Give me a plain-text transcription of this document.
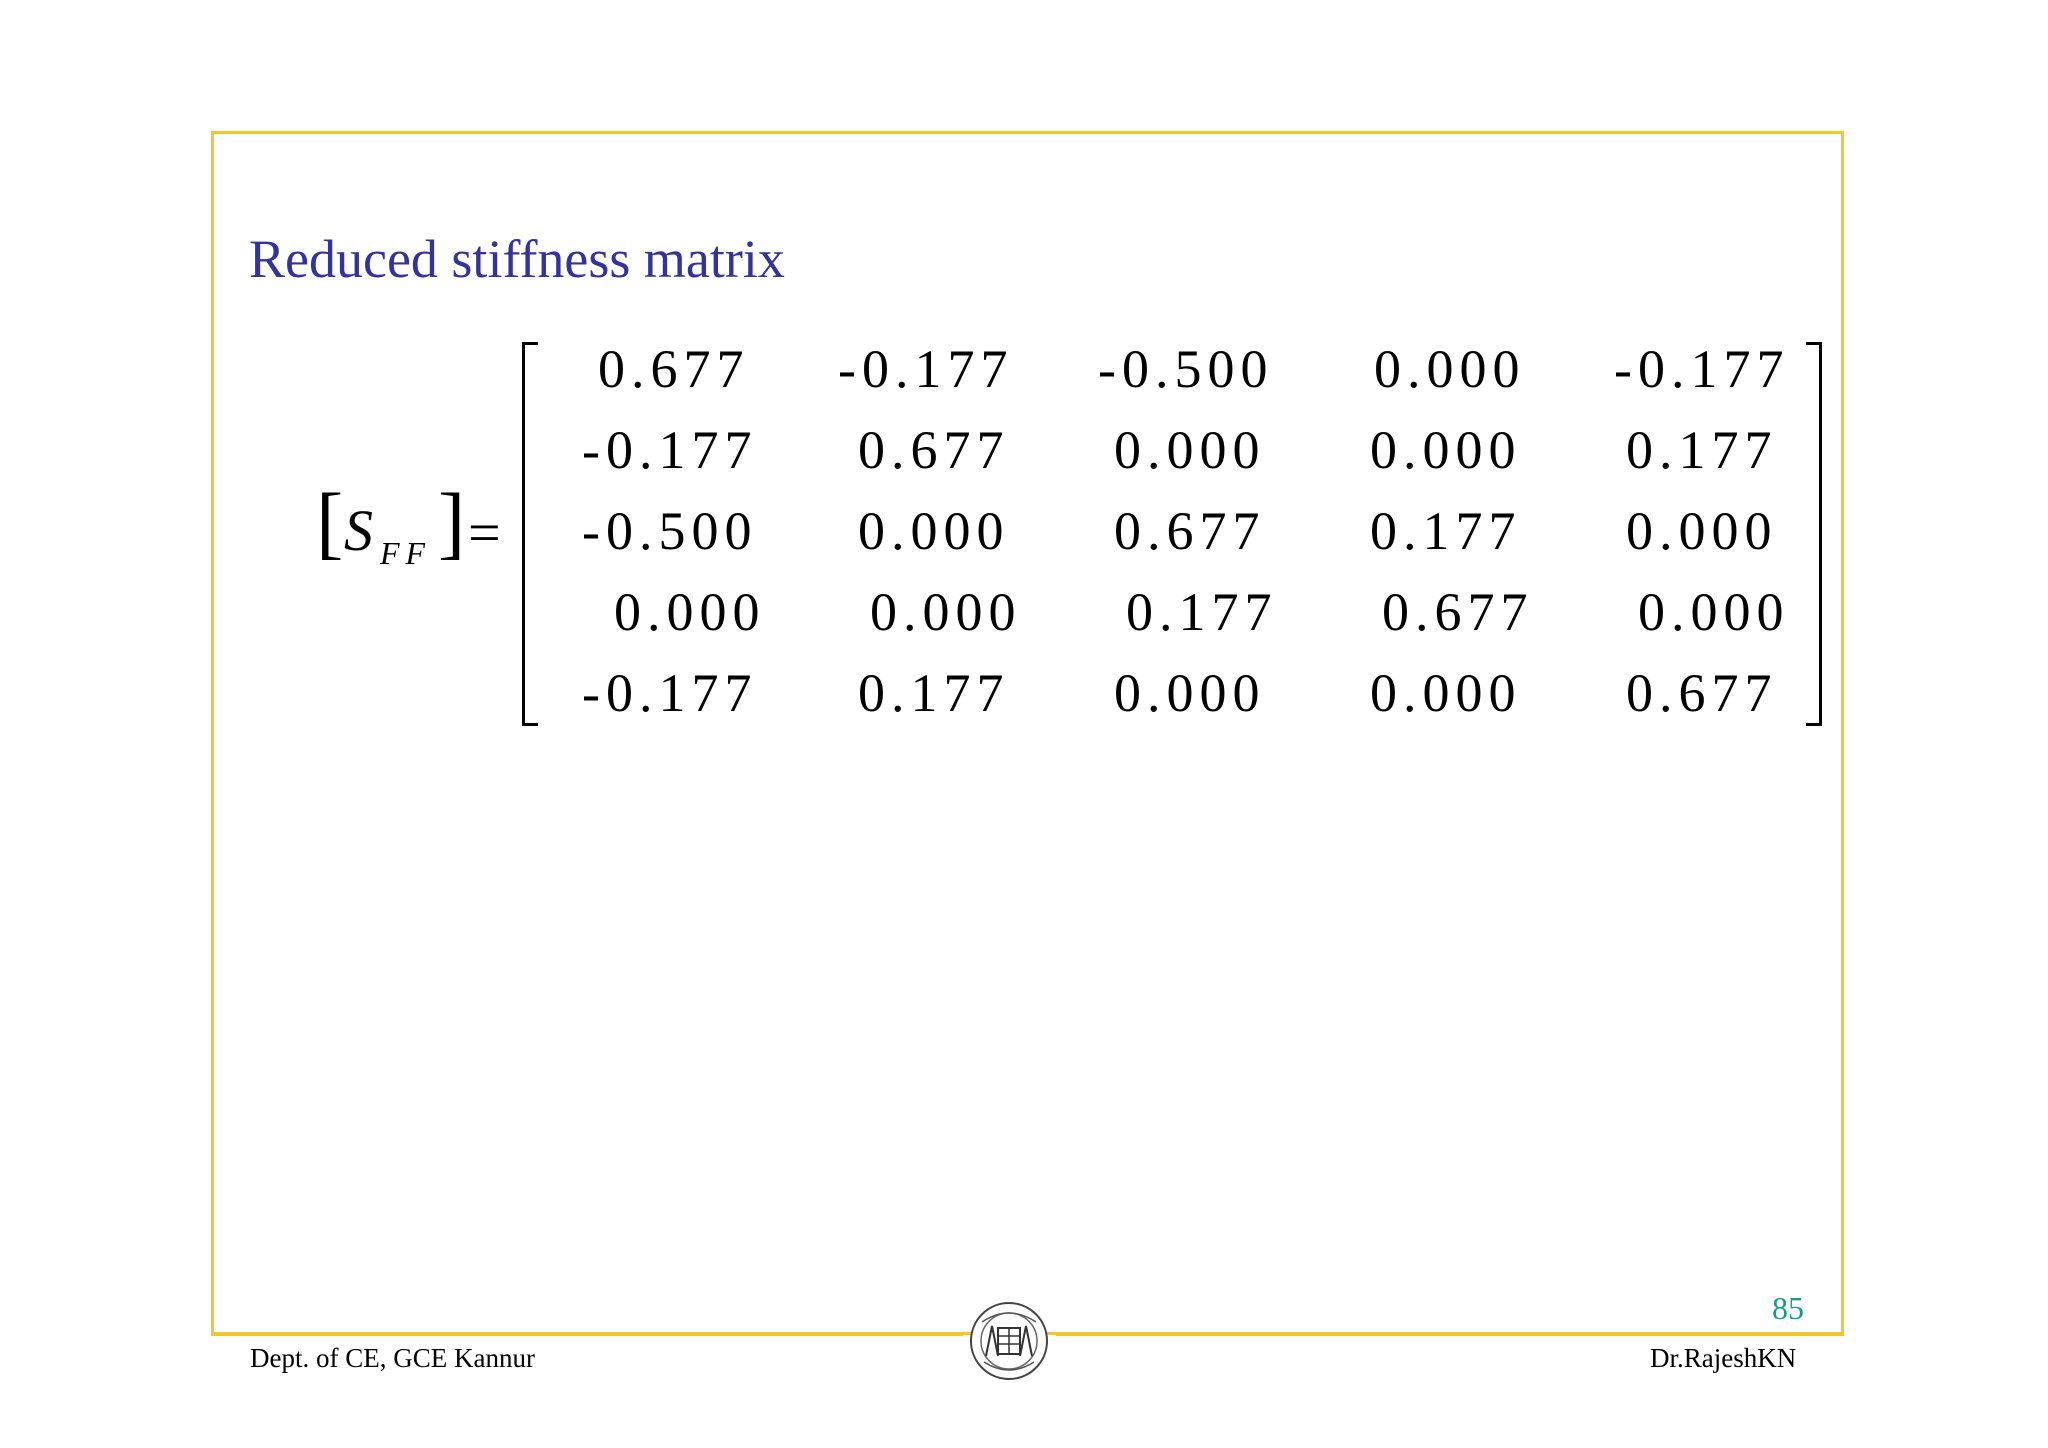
Reduced stiffness matrix
[ S FF ] =
0.677 -0.177 -0.500 0.000 -0.177
-0.177 0.677 0.000 0.000 0.177
-0.500 0.000 0.677 0.177 0.000
0.000 0.000 0.177 0.677 0.000
-0.177 0.177 0.000 0.000 0.677
85
Dept. of CE, GCE Kannur	Dr.RajeshKN
